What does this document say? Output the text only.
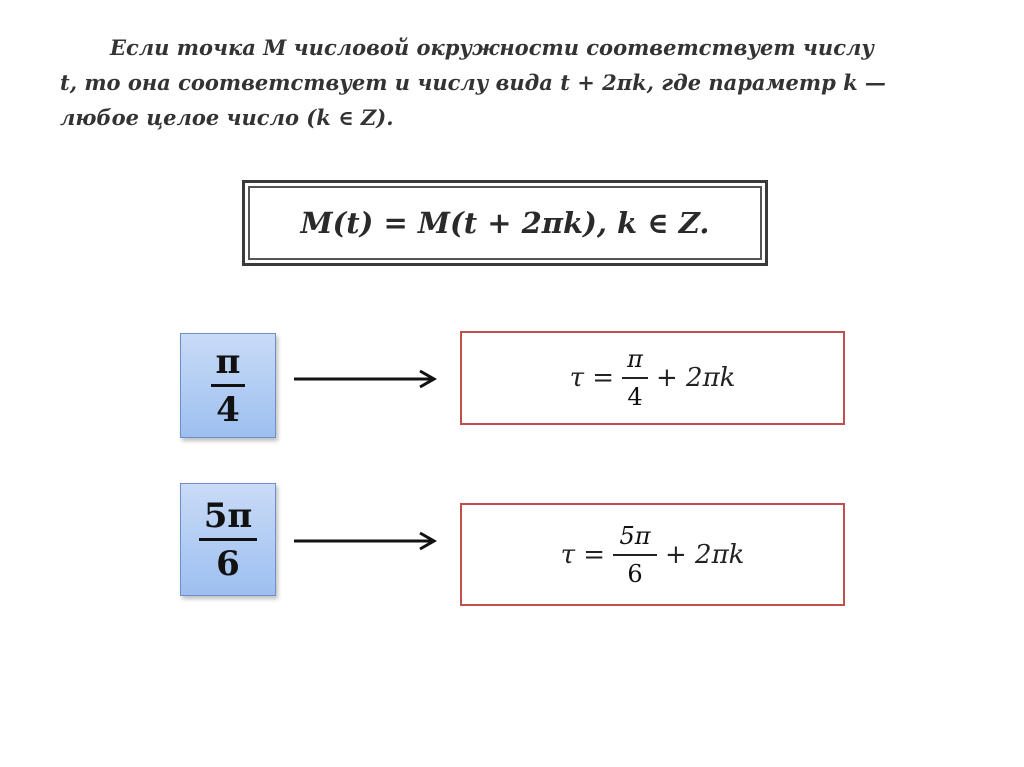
Если точка M числовой окружности соответствует числу
t, то она соответствует и числу вида t + 2πk, где параметр k —
любое целое число (k ∈ Z).
M(t) = M(t + 2πk), k ∈ Z.
$\frac{\pi}{4}$	$\tau = \frac{\pi}{4} + 2\pi k$
$\frac{5\pi}{6}$	$\tau = \frac{5\pi}{6} + 2\pi k$
